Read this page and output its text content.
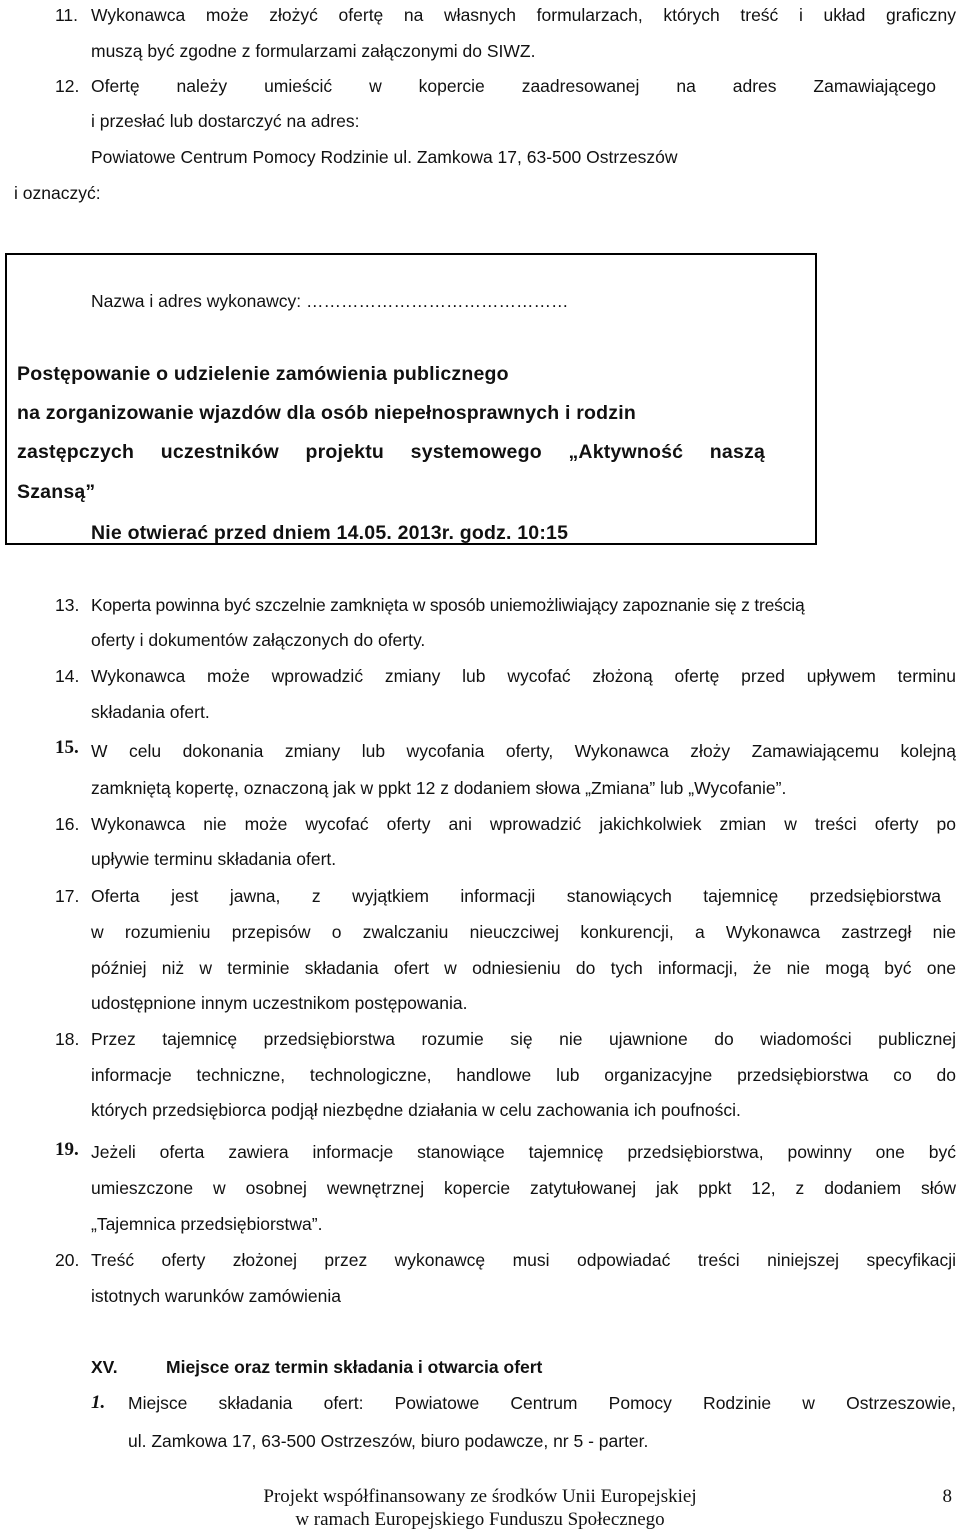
11. Wykonawca może złożyć ofertę na własnych formularzach, których treść i układ graficzny
muszą być zgodne z formularzami załączonymi do SIWZ.
12. Ofertę należy umieścić w kopercie zaadresowanej na adres Zamawiającego
i przesłać lub dostarczyć na adres:
Powiatowe Centrum Pomocy Rodzinie ul. Zamkowa 17, 63-500 Ostrzeszów
i oznaczyć:
Nazwa i adres wykonawcy: ………………………………………
Postępowanie o udzielenie zamówienia publicznego
na zorganizowanie wjazdów dla osób niepełnosprawnych i rodzin
zastępczych uczestników projektu systemowego „Aktywność naszą
Szansą”
Nie otwierać przed dniem 14.05. 2013r. godz. 10:15
13. Koperta powinna być szczelnie zamknięta w sposób uniemożliwiający zapoznanie się z treścią
oferty i dokumentów załączonych do oferty.
14. Wykonawca może wprowadzić zmiany lub wycofać złożoną ofertę przed upływem terminu
składania ofert.
15. W celu dokonania zmiany lub wycofania oferty, Wykonawca złoży Zamawiającemu kolejną
zamkniętą kopertę, oznaczoną jak w ppkt 12 z dodaniem słowa „Zmiana” lub „Wycofanie”.
16. Wykonawca nie może wycofać oferty ani wprowadzić jakichkolwiek zmian w treści oferty po
upływie terminu składania ofert.
17. Oferta jest jawna, z wyjątkiem informacji stanowiących tajemnicę przedsiębiorstwa
w rozumieniu przepisów o zwalczaniu nieuczciwej konkurencji, a Wykonawca zastrzegł nie
później niż w terminie składania ofert w odniesieniu do tych informacji, że nie mogą być one
udostępnione innym uczestnikom postępowania.
18. Przez tajemnicę przedsiębiorstwa rozumie się nie ujawnione do wiadomości publicznej
informacje techniczne, technologiczne, handlowe lub organizacyjne przedsiębiorstwa co do
których przedsiębiorca podjął niezbędne działania w celu zachowania ich poufności.
19. Jeżeli oferta zawiera informacje stanowiące tajemnicę przedsiębiorstwa, powinny one być
umieszczone w osobnej wewnętrznej kopercie zatytułowanej jak ppkt 12, z dodaniem słów
„Tajemnica przedsiębiorstwa”.
20. Treść oferty złożonej przez wykonawcę musi odpowiadać treści niniejszej specyfikacji
istotnych warunków zamówienia
XV.	Miejsce oraz termin składania i otwarcia ofert
1. Miejsce składania ofert: Powiatowe Centrum Pomocy Rodzinie w Ostrzeszowie,
ul. Zamkowa 17, 63-500 Ostrzeszów, biuro podawcze, nr 5 - parter.
Projekt współfinansowany ze środków Unii Europejskiej
w ramach Europejskiego Funduszu Społecznego
8
